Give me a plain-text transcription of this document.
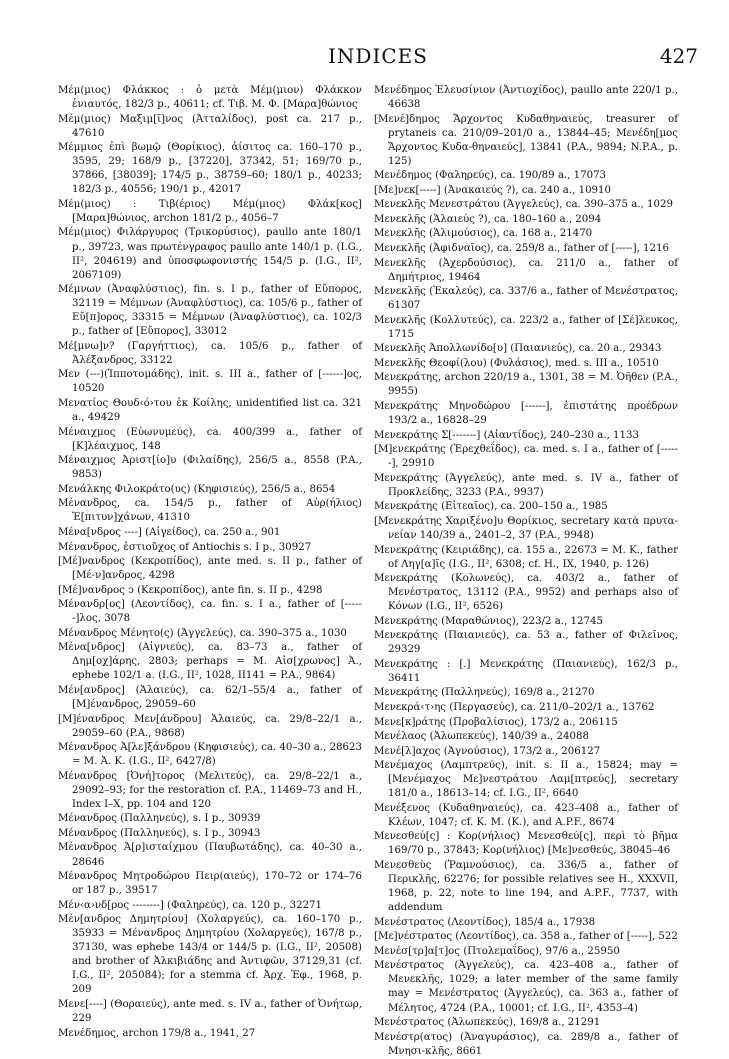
INDICES	427

Μέμ(μιος) Φλάκκος : ὁ μετὰ Μέμ(μιον) Φλάκκον ἐνιαυτός, 182/3 p., 40611; cf. Τιβ. Μ. Φ. [Μαρα]θώνιος

Μέμ(μιος) Μαξιμ[ῖ]νος (Ἀτταλίδος), post ca. 217 p., 47610

Μέμμιος ἐπὶ βωμῷ (Θορίκιος), ἀίσιτος ca. 160–170 p., 3595, 29; 168/9 p., [37220], 37342, 51; 169/70 p., 37866, [38039]; 174/5 p., 38759–60; 180/1 p., 40233; 182/3 p., 40556; 190/1 p., 42017

Μέμ(μιος) : Τιβ(έριος) Μέμ(μιος) Φλάκ[κος] [Μαρα]θώνιος, archon 181/2 p., 4056–7

Μέμ(μιος) Φιλάργυρος (Τρικορύσιος), paullo ante 180/1 p., 39723, was πρωτένγραφος paullo ante 140/1 p. (I.G., II², 204619) and ὑποσφωφονιστής 154/5 p. (I.G., II², 2067109)

Μέμνων (Ἀναφλύστιος), fin. s. I p., father of Εὔπορος, 32119 = Μέμνων (Ἀναφλύστιος), ca. 105/6 p., father of Εὔ[π]ορος, 33315 = Μέμνων (Ἀναφλύστιος), ca. 102/3 p., father of [Εὔπορος], 33012

Μέ[μνω]ν? (Γαργήττιος), ca. 105/6 p., father of Ἀλέξανδρος, 33122

Μεν (---)(Ἱπποτομάδης), init. s. III a., father of [------]ος, 10520

Μενατίος Θουδ‹ό›του ἐκ Κοίλης, unidentified list ca. 321 a., 49429

Μέναιχμος (Εὐωνυμεύς), ca. 400/399 a., father of [Κ]λέαιχμος, 148

Μέναιχμος Ἀριστ[ίο]υ (Φιλαίδης), 256/5 a., 8558 (P.A., 9853)

Μενάλκης Φιλοκράτο(υς) (Κηφισιεύς), 256/5 a., 8654

Μένανδρος, ca. 154/5 p., father of Αὐρ(ήλιος) Ἐ[πιτυν]χάνων, 41310

Μένα[νδρος ----] (Αἰγείδος), ca. 250 a., 901

Μένανδρος, ἑστιοῦχος of Antiochis s. I p., 30927

[Μέ]νανδρος (Κεκροπίδος), ante med. s. II p., father of [Μέ-ν]ανδρος, 4298

[Μέ]νανδρος ͻ (Κεκροπίδος), ante fin. s. II p., 4298

Μένανδρ[ος] (Λεοντίδος), ca. fin. s. I a., father of [------]λος, 3078

Μένανδρος Μένητο(ς) (Ἀγγελεύς), ca. 390–375 a., 1030

Μένα[νδρος] (Αἰγνιεύς), ca. 83–73 a., father of Δημ[οχ]άρης, 2803; perhaps = Μ. Αἰσ[χρωνος] Ἀ., ephebe 102/1 a. (I.G., II², 1028, II141 = P.A., 9864)

Μέν[ανδρος] (Ἁλαιεύς), ca. 62/1–55/4 a., father of [Μ]ένανδρος, 29059–60

[Μ]ένανδρος Μεν[άνδρου] Ἁλαιεύς, ca. 29/8–22/1 a., 29059–60 (P.A., 9868)

Μένανδρος Ἀ[λε]ξάνδρου (Κηφισιεύς), ca. 40–30 a., 28623 = Μ. Ἀ. Κ. (I.G., II², 6427/8)

Μένανδρος [Ὀνή]τορος (Μελιτεύς), ca. 29/8–22/1 a., 29092–93; for the restoration cf. P.A., 11469–73 and H., Index I–X, pp. 104 and 120

Μένανδρος (Παλληνεύς), s. I p., 30939

Μένανδρος (Παλληνεύς), s. I p., 30943

Μένανδρος Ἀ[ρ]ισταίχμου (Παυβωτάδης), ca. 40–30 a., 28646

Μένανδρος Μητροδώρου Πειρ(αιεύς), 170–72 or 174–76 or 187 p., 39517

Μέν‹α›νδ[ρος --------] (Φαληρεύς), ca. 120 p., 32271

Μέν[ανδρος Δημητρίου] (Χολαργεύς), ca. 160–170 p., 35933 = Μένανδρος Δημητρίου (Χολαργεύς), 167/8 p., 37130, was ephebe 143/4 or 144/5 p. (I.G., II², 20508) and brother of Ἀλκιβιάδης and Ἀντιφῶν, 37129,31 (cf. I.G., II², 205084); for a stemma cf. Ἀρχ. Ἐφ., 1968, p. 209

Μενε[----] (Θοραιεύς), ante med. s. IV a., father of Ὀνήτωρ, 229

Μενέδημος, archon 179/8 a., 1941, 27

Μενέδημος Ἐλευσίνιον (Ἀντιοχίδος), paullo ante 220/1 p., 46638

[Μενέ]δημος Ἄρχοντος Κυδαθηναιεύς, treasurer of prytaneis ca. 210/09–201/0 a., 13844–45; Μενέδη[μος Ἄρχοντος Κυδα-θηναιεύς], 13841 (P.A., 9894; N.P.A., p. 125)

Μενέδημος (Φαληρεύς), ca. 190/89 a., 17073

[Με]νεκ[-----] (Ἀνακαιεύς ?), ca. 240 a., 10910

Μενεκλῆς Μενεστράτου (Ἀγγελεύς), ca. 390–375 a., 1029

Μενεκλῆς (Ἁλαιεύς ?), ca. 180–160 a., 2094

Μενεκλῆς (Ἁλιμούσιος), ca. 168 a., 21470

Μενεκλῆς (Ἀφιδναῖος), ca. 259/8 a., father of [-----], 1216

Μενεκλῆς (Ἀχερδούσιος), ca. 211/0 a., father of Δημήτριος, 19464

Μενεκλῆς (Ἐκαλεύς), ca. 337/6 a., father of Μενέστρατος, 61307

Μενεκλῆς (Κολλυτεύς), ca. 223/2 a., father of [Σέ]λευκος, 1715

Μενεκλῆς Ἀπολλωνίδο[υ] (Παιανιεύς), ca. 20 a., 29343

Μενεκλῆς Θεοφί(λου) (Φυλάσιος), med. s. III a., 10510

Μενεκράτης, archon 220/19 a., 1301, 38 = Μ. Ὀῆθεν (P.A., 9955)

Μενεκράτης Μηνοδώρου [------], ἐπιστάτης προέδρων 193/2 a., 16828–29

Μενεκράτης Σ[-------] (Αἰαντίδος), 240–230 a., 1133

[Μ]ενεκράτης (Ἐρεχθεΐδος), ca. med. s. I a., father of [------], 29910

Μενεκράτης (Ἀγγελεύς), ante med. s. IV a., father of Προκλείδης, 3233 (P.A., 9937)

Μενεκράτης (Εἰτεαῖος), ca. 200–150 a., 1985

[Μενεκράτης Χαριξένο]υ Θορίκιος, secretary κατὰ πρυτα-νείαν 140/39 a., 2401–2, 37 (P.A., 9948)

Μενεκράτης (Κειριάδης), ca. 155 a., 22673 = Μ. Κ., father of Ληγ[α]ῖς (I.G., II², 6308; cf. H., IX, 1940, p. 126)

Μενεκράτης (Κολωνεύς), ca. 403/2 a., father of Μενέστρατος, 13112 (P.A., 9952) and perhaps also of Κόνων (I.G., II², 6526)

Μενεκράτης (Μαραθώνιος), 223/2 a., 12745

Μενεκράτης (Παιανιεύς), ca. 53 a., father of Φιλεῖνος, 29329

Μενεκράτης : [.] Μενεκράτης (Παιανιεύς), 162/3 p., 36411

Μενεκράτης (Παλληνεύς), 169/8 a., 21270

Μενεκρά‹τ›ης (Περγασεύς), ca. 211/0–202/1 a., 13762

Μενε[κ]ράτης (Προβαλίσιος), 173/2 a., 206115

Μενέλαος (Ἀλωπεκεύς), 140/39 a., 24088

Μενέ[λ]αχος (Ἀγνούσιος), 173/2 a., 206127

Μενέμαχος (Λαμπτρεύς), init. s. II a., 15824; may = [Μενέμαχος Με]νεστράτου Λαμ[πτρεύς], secretary 181/0 a., 18613–14; cf. I.G., II², 6640

Μενέξενος (Κυδαθηναιεύς), ca. 423–408 a., father of Κλέων, 1047; cf. K. M. (K.), and A.P.F., 8674

Μενεσθεύ[ς] : Κορ(νήλιος) Μενεσθεύ[ς], περὶ τὸ βῆμα 169/70 p., 37843; Κορ(νήλιος) [Με]νεσθεύς, 38045–46

Μενεσθεὺς (Ῥαμνούσιος), ca. 336/5 a., father of Περικλῆς, 62276; for possible relatives see H., XXXVII, 1968, p. 22, note to line 194, and A.P.F., 7737, with addendum

Μενέστρατος (Λεοντίδος), 185/4 a., 17938

[Με]νέστρατος (Λεοντίδος), ca. 358 a., father of [-----], 522

Μενέσ[τρ]α[τ]ος (Πτολεμαΐδος), 97/6 a., 25950

Μενέστρατος (Ἀγγελεύς), ca. 423–408 a., father of Μενεκλῆς, 1029; a later member of the same family may = Μενέστρατος (Ἀγγελεύς), ca. 363 a., father of Μέλητος, 4724 (P.A., 10001; cf. I.G., II², 4353–4)

Μενέστρατος (Ἀλωπεκεύς), 169/8 a., 21291

Μενέστρ(ατος) (Ἀναγυράσιος), ca. 289/8 a., father of Μνησι-κλῆς, 8661
